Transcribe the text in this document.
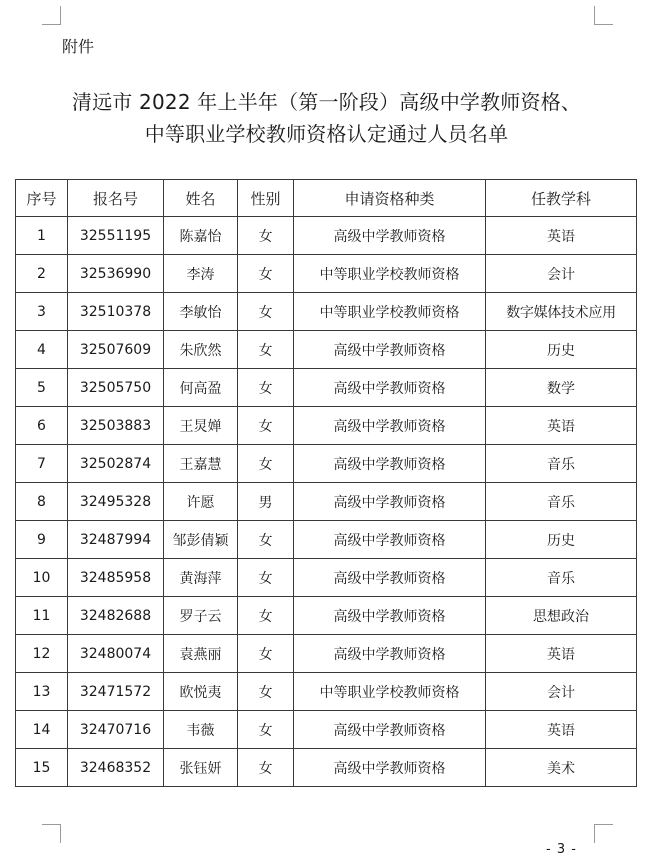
附件
清远市 2022 年上半年（第一阶段）高级中学教师资格、
中等职业学校教师资格认定通过人员名单
序号	报名号	姓名	性别	申请资格种类	任教学科
1	32551195	陈嘉怡	女	高级中学教师资格	英语
2	32536990	李涛	女	中等职业学校教师资格	会计
3	32510378	李敏怡	女	中等职业学校教师资格	数字媒体技术应用
4	32507609	朱欣然	女	高级中学教师资格	历史
5	32505750	何高盈	女	高级中学教师资格	数学
6	32503883	王炅婵	女	高级中学教师资格	英语
7	32502874	王嘉慧	女	高级中学教师资格	音乐
8	32495328	许愿	男	高级中学教师资格	音乐
9	32487994	邹彭倩颖	女	高级中学教师资格	历史
10	32485958	黄海萍	女	高级中学教师资格	音乐
11	32482688	罗子云	女	高级中学教师资格	思想政治
12	32480074	袁燕丽	女	高级中学教师资格	英语
13	32471572	欧悦夷	女	中等职业学校教师资格	会计
14	32470716	韦薇	女	高级中学教师资格	英语
15	32468352	张钰妍	女	高级中学教师资格	美术
- 3 -
